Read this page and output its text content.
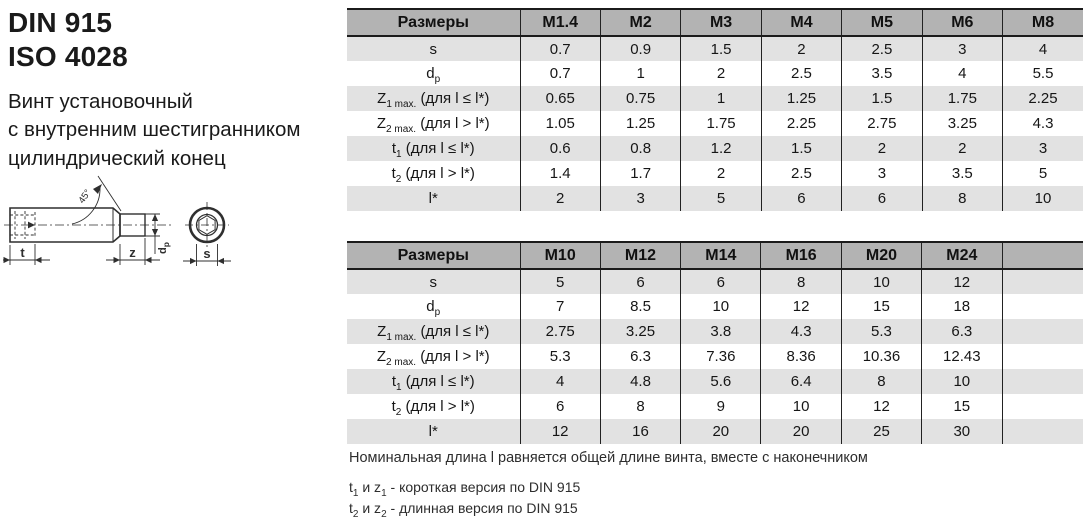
DIN 915
ISO 4028
Винт установочный
с внутренним шестигранником
цилиндрический конец
t	z	s
$d_p$
45°
Размеры	M1.4	M2	M3	M4	M5	M6	M8
s	0.7	0.9	1.5	2	2.5	3	4
$d_p$	0.7	1	2	2.5	3.5	4	5.5
$Z_{1 max.}$ (для l ≤ l*)	0.65	0.75	1	1.25	1.5	1.75	2.25
$Z_{2 max.}$ (для l > l*)	1.05	1.25	1.75	2.25	2.75	3.25	4.3
$t_1$ (для l ≤ l*)	0.6	0.8	1.2	1.5	2	2	3
$t_2$ (для l > l*)	1.4	1.7	2	2.5	3	3.5	5
l*	2	3	5	6	6	8	10
Размеры	M10	M12	M14	M16	M20	M24	
s	5	6	6	8	10	12	
$d_p$	7	8.5	10	12	15	18	
$Z_{1 max.}$ (для l ≤ l*)	2.75	3.25	3.8	4.3	5.3	6.3	
$Z_{2 max.}$ (для l > l*)	5.3	6.3	7.36	8.36	10.36	12.43	
$t_1$ (для l ≤ l*)	4	4.8	5.6	6.4	8	10	
$t_2$ (для l > l*)	6	8	9	10	12	15	
l*	12	16	20	20	25	30	
Номинальная длина l равняется общей длине винта, вместе с наконечником
$t_1$ и $z_1$ - короткая версия по DIN 915
$t_2$ и $z_2$ - длинная версия по DIN 915
